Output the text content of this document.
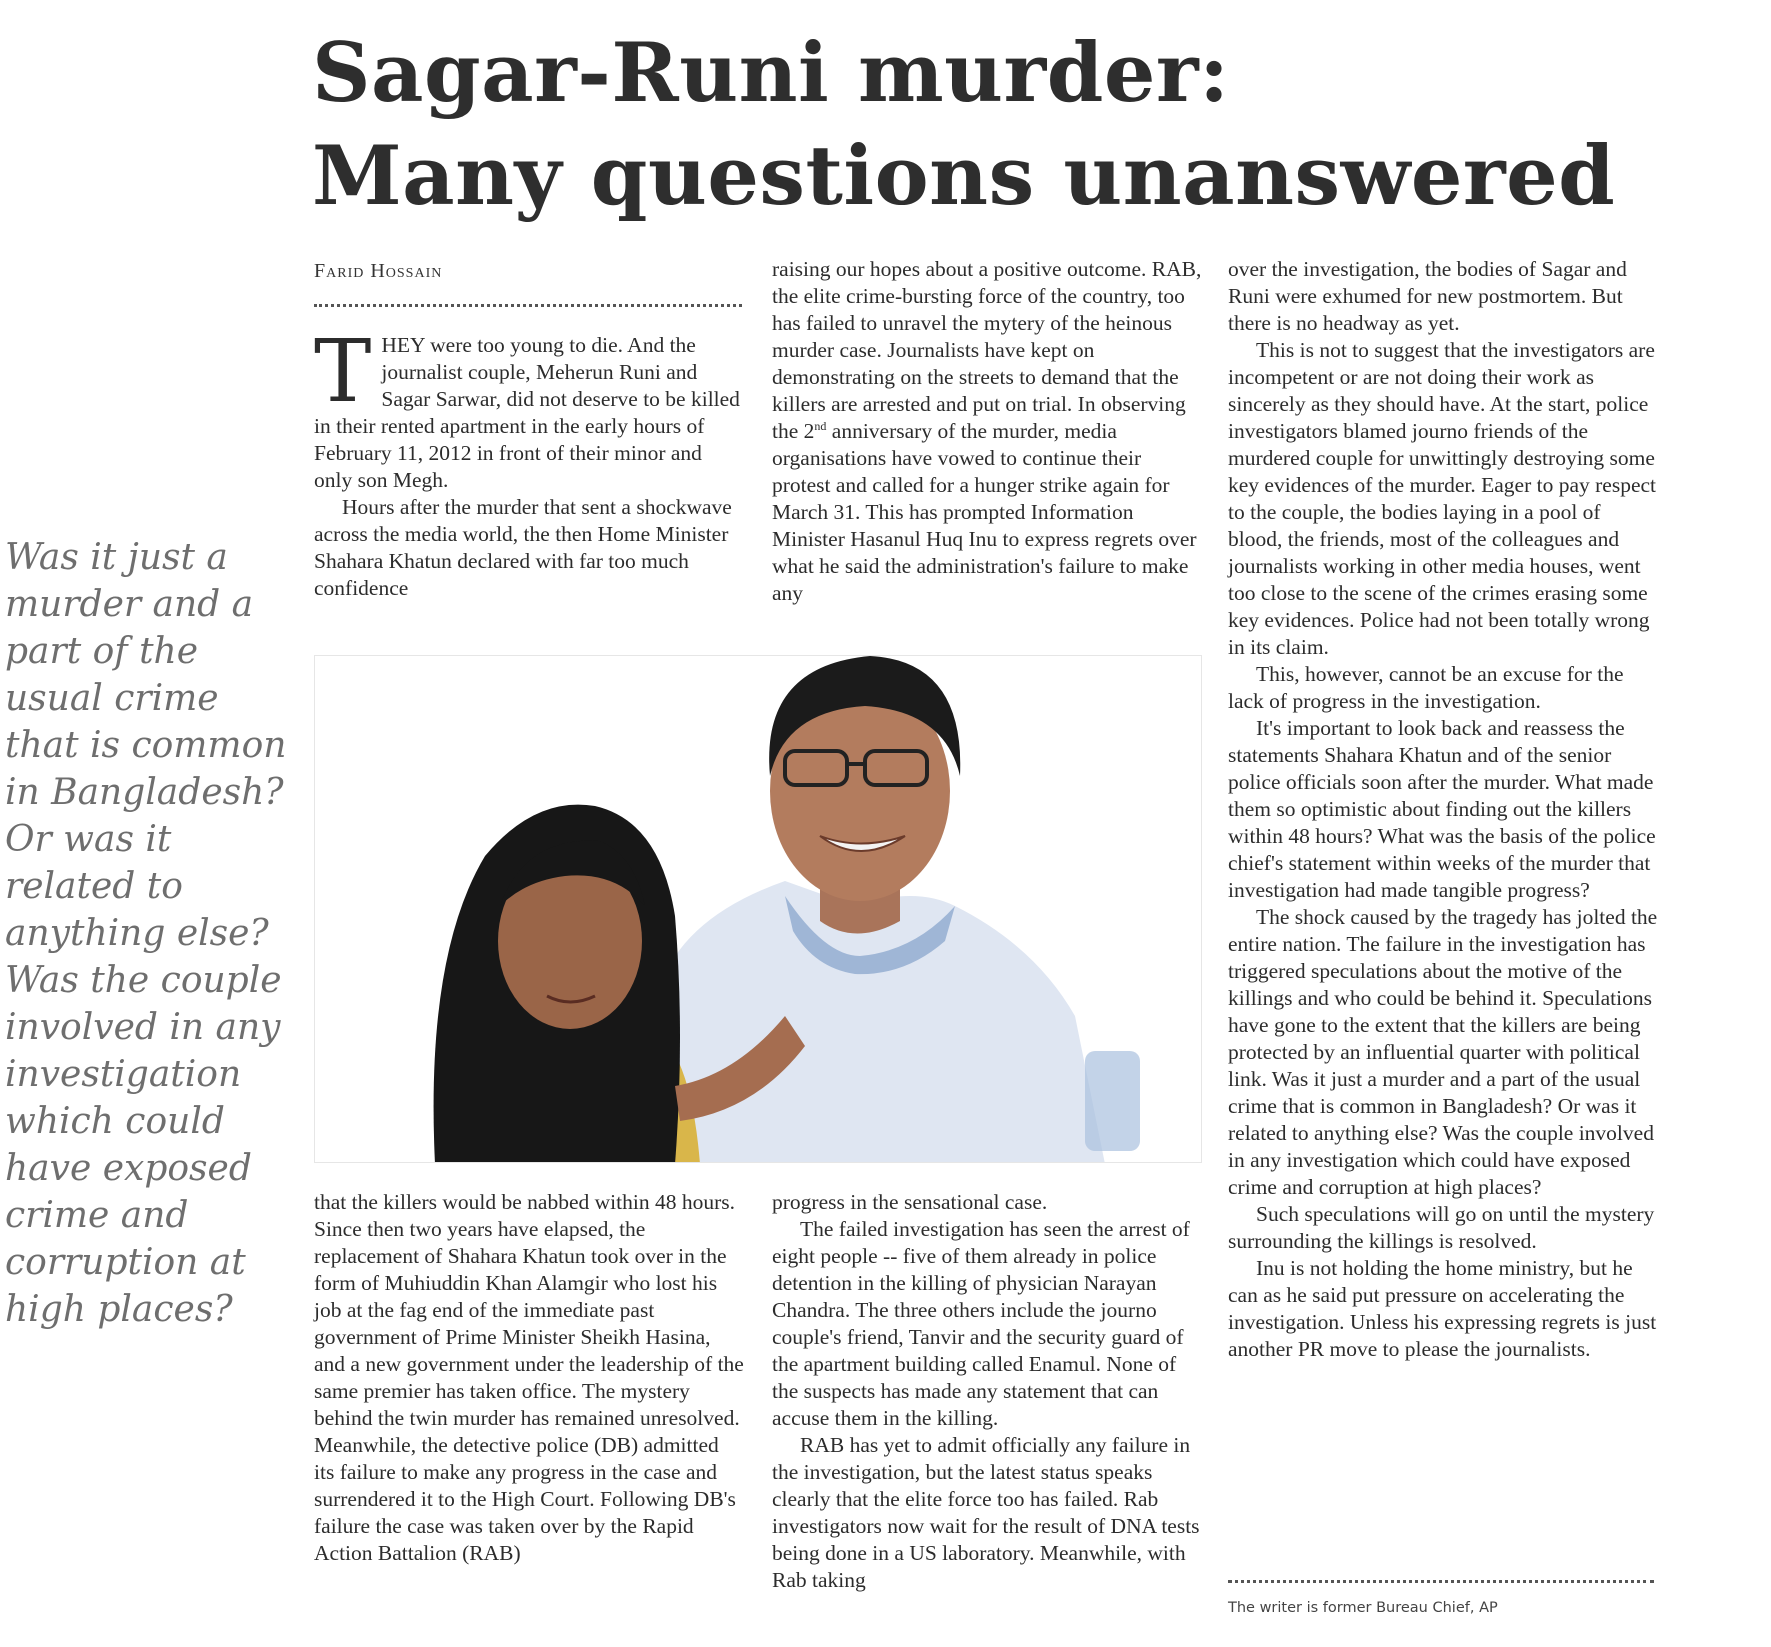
Sagar-Runi murder:
Many questions unanswered
Was it just a murder and a part of the usual crime that is common in Bangladesh? Or was it related to anything else? Was the couple involved in any investigation which could have exposed crime and corruption at high places?
Farid Hossain

THEY were too young to die. And the journalist couple, Meherun Runi and Sagar Sarwar, did not deserve to be killed in their rented apartment in the early hours of February 11, 2012 in front of their minor and only son Megh.

Hours after the murder that sent a shockwave across the media world, the then Home Minister Shahara Khatun declared with far too much confidence

raising our hopes about a positive outcome. RAB, the elite crime-bursting force of the country, too has failed to unravel the mytery of the heinous murder case. Journalists have kept on demonstrating on the streets to demand that the killers are arrested and put on trial. In observing the 2nd anniversary of the murder, media organisations have vowed to continue their protest and called for a hunger strike again for March 31. This has prompted Information Minister Hasanul Huq Inu to express regrets over what he said the administration's failure to make any

that the killers would be nabbed within 48 hours. Since then two years have elapsed, the replacement of Shahara Khatun took over in the form of Muhiuddin Khan Alamgir who lost his job at the fag end of the immediate past government of Prime Minister Sheikh Hasina, and a new government under the leadership of the same premier has taken office. The mystery behind the twin murder has remained unresolved. Meanwhile, the detective police (DB) admitted its failure to make any progress in the case and surrendered it to the High Court. Following DB's failure the case was taken over by the Rapid Action Battalion (RAB)

progress in the sensational case.

The failed investigation has seen the arrest of eight people -- five of them already in police detention in the killing of physician Narayan Chandra. The three others include the journo couple's friend, Tanvir and the security guard of the apartment building called Enamul. None of the suspects has made any statement that can accuse them in the killing.

RAB has yet to admit officially any failure in the investigation, but the latest status speaks clearly that the elite force too has failed. Rab investigators now wait for the result of DNA tests being done in a US laboratory. Meanwhile, with Rab taking

over the investigation, the bodies of Sagar and Runi were exhumed for new postmortem. But there is no headway as yet.

This is not to suggest that the investigators are incompetent or are not doing their work as sincerely as they should have. At the start, police investigators blamed journo friends of the murdered couple for unwittingly destroying some key evidences of the murder. Eager to pay respect to the couple, the bodies laying in a pool of blood, the friends, most of the colleagues and journalists working in other media houses, went too close to the scene of the crimes erasing some key evidences. Police had not been totally wrong in its claim.

This, however, cannot be an excuse for the lack of progress in the investigation.

It's important to look back and reassess the statements Shahara Khatun and of the senior police officials soon after the murder. What made them so optimistic about finding out the killers within 48 hours? What was the basis of the police chief's statement within weeks of the murder that investigation had made tangible progress?

The shock caused by the tragedy has jolted the entire nation. The failure in the investigation has triggered speculations about the motive of the killings and who could be behind it. Speculations have gone to the extent that the killers are being protected by an influential quarter with political link. Was it just a murder and a part of the usual crime that is common in Bangladesh? Or was it related to anything else? Was the couple involved in any investigation which could have exposed crime and corruption at high places?

Such speculations will go on until the mystery surrounding the killings is resolved.

Inu is not holding the home ministry, but he can as he said put pressure on accelerating the investigation. Unless his expressing regrets is just another PR move to please the journalists.

The writer is former Bureau Chief, AP
